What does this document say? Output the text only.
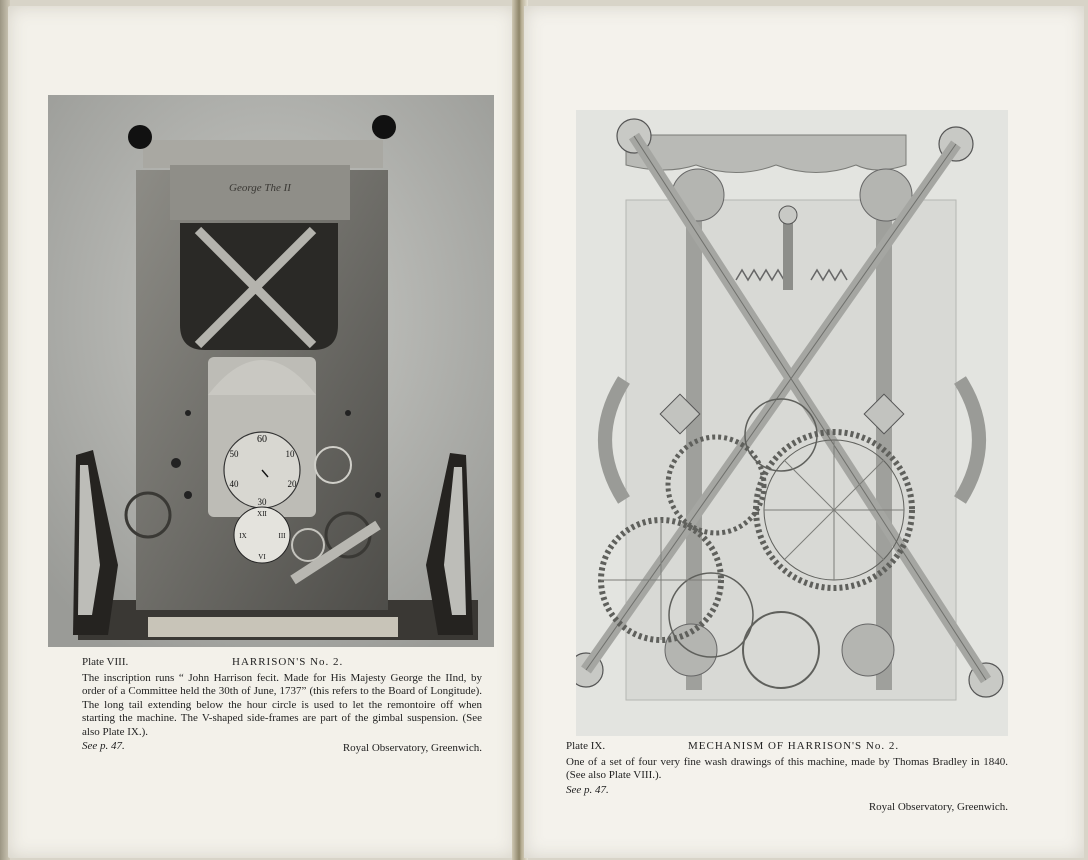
George The II
60
10
20
30
40
50
XII
III
VI
IX
Plate VIII.	HARRISON'S No. 2.
The inscription runs “ John Harrison fecit. Made for His Majesty George the IInd, by order of a Committee held the 30th of June, 1737” (this refers to the Board of Longitude). The long tail extending below the hour circle is used to let the remontoire off when starting the machine. The V-shaped side-frames are part of the gimbal suspension. (See also Plate IX.).
See p. 47.	Royal Observatory, Greenwich.	Plate IX.	MECHANISM OF HARRISON'S No. 2.
One of a set of four very fine wash drawings of this machine, made by Thomas Bradley in 1840. (See also Plate VIII.).
See p. 47.
Royal Observatory, Greenwich.
